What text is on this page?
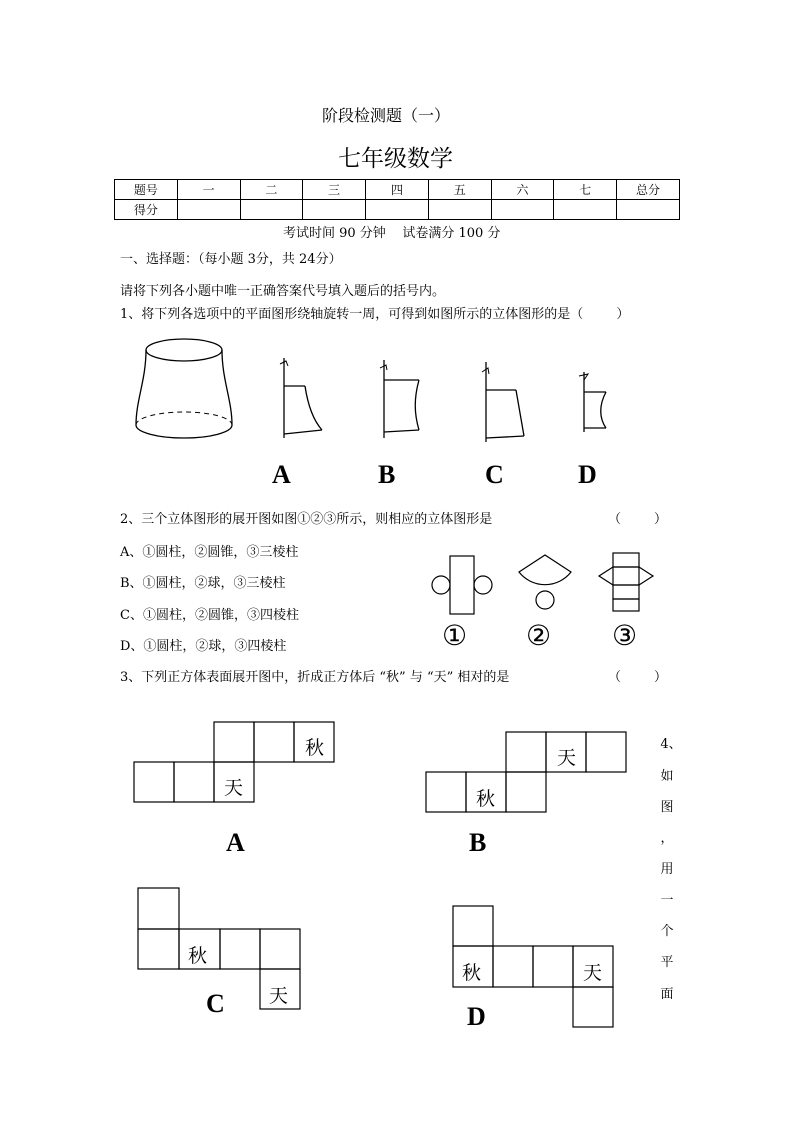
阶段检测题（一）
七年级数学
题号	一	二	三	四	五	六	七	总分
得分								
考试时间 90 分钟    试卷满分 100 分
一、选择题：（每小题 3分，共 24分）
请将下列各小题中唯一正确答案代号填入题后的括号内。
1、将下列各选项中的平面图形绕轴旋转一周，可得到如图所示的立体图形的是（        ）
A	B	C	D
2、三个立体图形的展开图如图①②③所示，则相应的立体图形是	（        ）
A、①圆柱，②圆锥，③三棱柱
B、①圆柱，②球，③三棱柱
C、①圆柱，②圆锥，③四棱柱
D、①圆柱，②球，③四棱柱	① ② ③
3、下列正方体表面展开图中，折成正方体后 “秋” 与 “天” 相对的是	（        ）
秋
天
A
天
秋
B
秋
天
C
秋	天
D
4、
如
图
，
用
一
个
平
面
